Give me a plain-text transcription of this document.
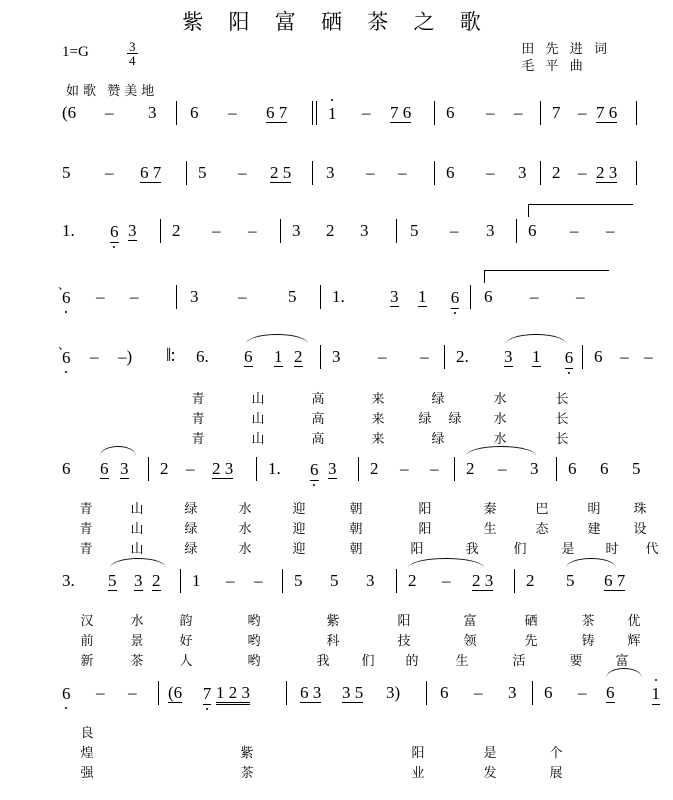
紫 阳 富 硒 茶 之 歌
1=G	$\frac{3}{4}$	田 先 进 词
毛 平 曲
如歌 赞美地
(6 – 3 6 – 6 7 1 – 7 6 6 – – 7 – 7 6
5 – 6 7 5 – 2 5 3 – – 6 – 3 2 – 2 3
1. 6 3 2 – – 3 2 3 5 – 3 6 – –
、
6 – –	3 – 5 1.	3 1 6 6 – –
、
6 – –) ‖: 6. 6 1 2 3 – – 2. 3 1 6 6 – –
青	山	高	来	绿	水	长
青	山	高	来	绿 绿 水	长
青	山	高	来	绿	水	长
6 6 3 2 – 2 3 1. 6 3 2 – – 2 – 3 6 6 5
青	山	绿	水	迎	朝	阳	秦	巴	明	珠
青	山	绿	水	迎	朝	阳	生	态	建	设
青	山	绿	水	迎	朝	阳	我	们	是 时 代
3. 5 3 2 1 – – 5 5 3 2 – 2 3 2 5 6 7
汉	水	韵	哟	紫	阳	富	硒	茶	优
前	景	好	哟	科	技	领	先	铸	辉
新	茶	人	哟	我 们 的	生	活	要	富
6 – – (6 7 1 2 3	6 3 3 5 3) 6 – 3 6 – 6 1
良
煌	紫	阳	是	个
强	茶	业	发	展
